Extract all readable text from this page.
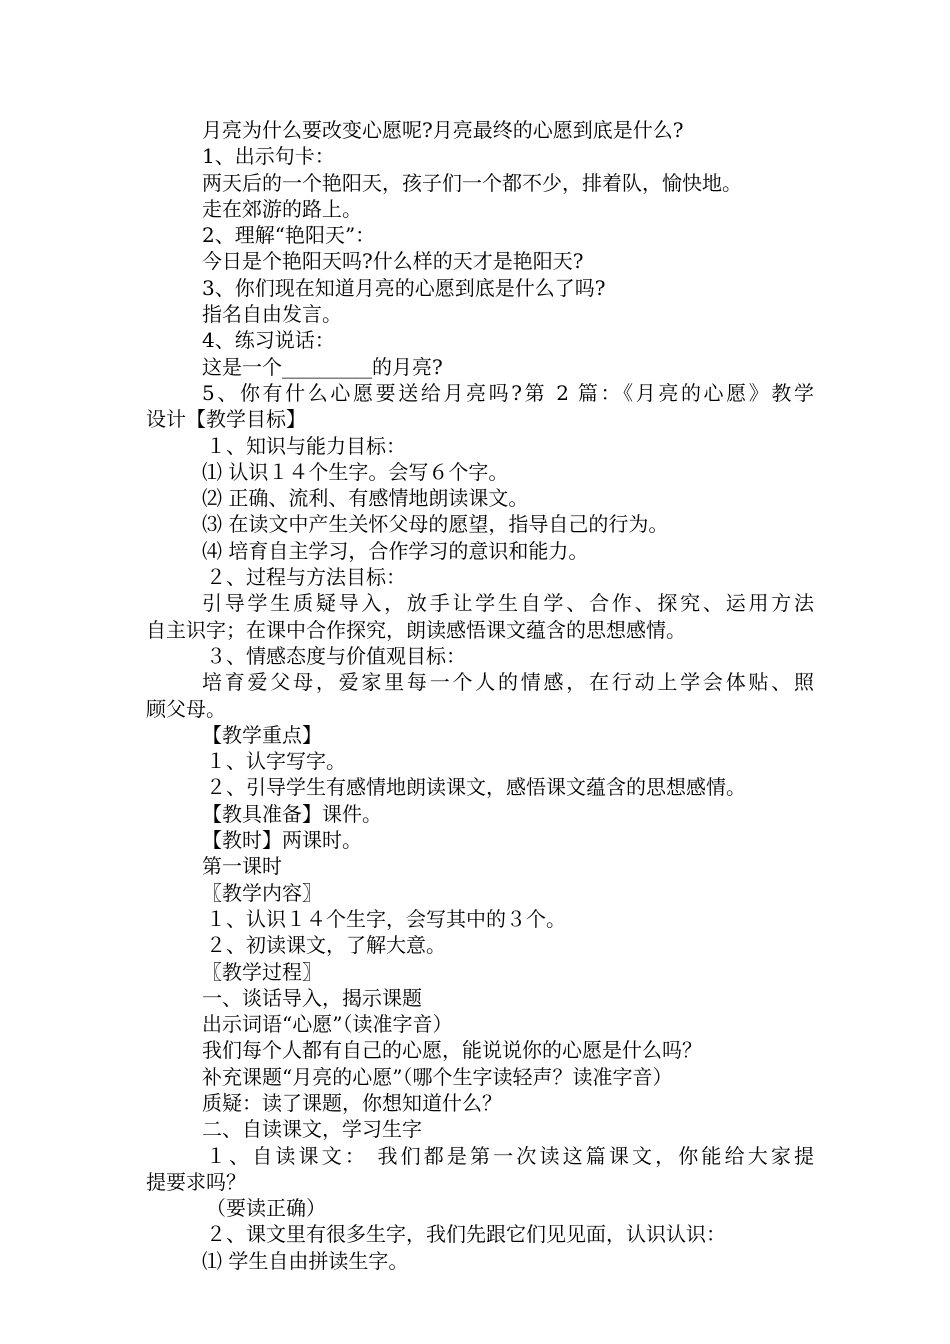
月亮为什么要改变心愿呢?月亮最终的心愿到底是什么?
1、出示句卡：
两天后的一个艳阳天，孩子们一个都不少，排着队，愉快地。
走在郊游的路上。
2、理解“艳阳天”：
今日是个艳阳天吗?什么样的天才是艳阳天?
3、你们现在知道月亮的心愿到底是什么了吗?
指名自由发言。
4、练习说话：
这是一个_________的月亮?
5、你有什么心愿要送给月亮吗?第 2 篇：《月亮的心愿》教学
设计【教学目标】
１、知识与能力目标：
⑴ 认识１４个生字。会写６个字。
⑵ 正确、流利、有感情地朗读课文。
⑶ 在读文中产生关怀父母的愿望，指导自己的行为。
⑷ 培育自主学习，合作学习的意识和能力。
２、过程与方法目标：
引导学生质疑导入，放手让学生自学、合作、探究、运用方法
自主识字；在课中合作探究，朗读感悟课文蕴含的思想感情。
３、情感态度与价值观目标：
培育爱父母，爱家里每一个人的情感，在行动上学会体贴、照
顾父母。
【教学重点】
１、认字写字。
２、引导学生有感情地朗读课文，感悟课文蕴含的思想感情。
【教具准备】课件。
【教时】两课时。
第一课时
〖教学内容〗
１、认识１４个生字，会写其中的３个。
２、初读课文，了解大意。
〖教学过程〗
一、谈话导入，揭示课题
出示词语“心愿”（读准字音）
我们每个人都有自己的心愿，能说说你的心愿是什么吗？
补充课题“月亮的心愿”（哪个生字读轻声？读准字音）
质疑：读了课题，你想知道什么？
二、自读课文，学习生字
１、自读课文： 我们都是第一次读这篇课文，你能给大家提
提要求吗？
（要读正确）
２、课文里有很多生字，我们先跟它们见见面，认识认识：
⑴ 学生自由拼读生字。
